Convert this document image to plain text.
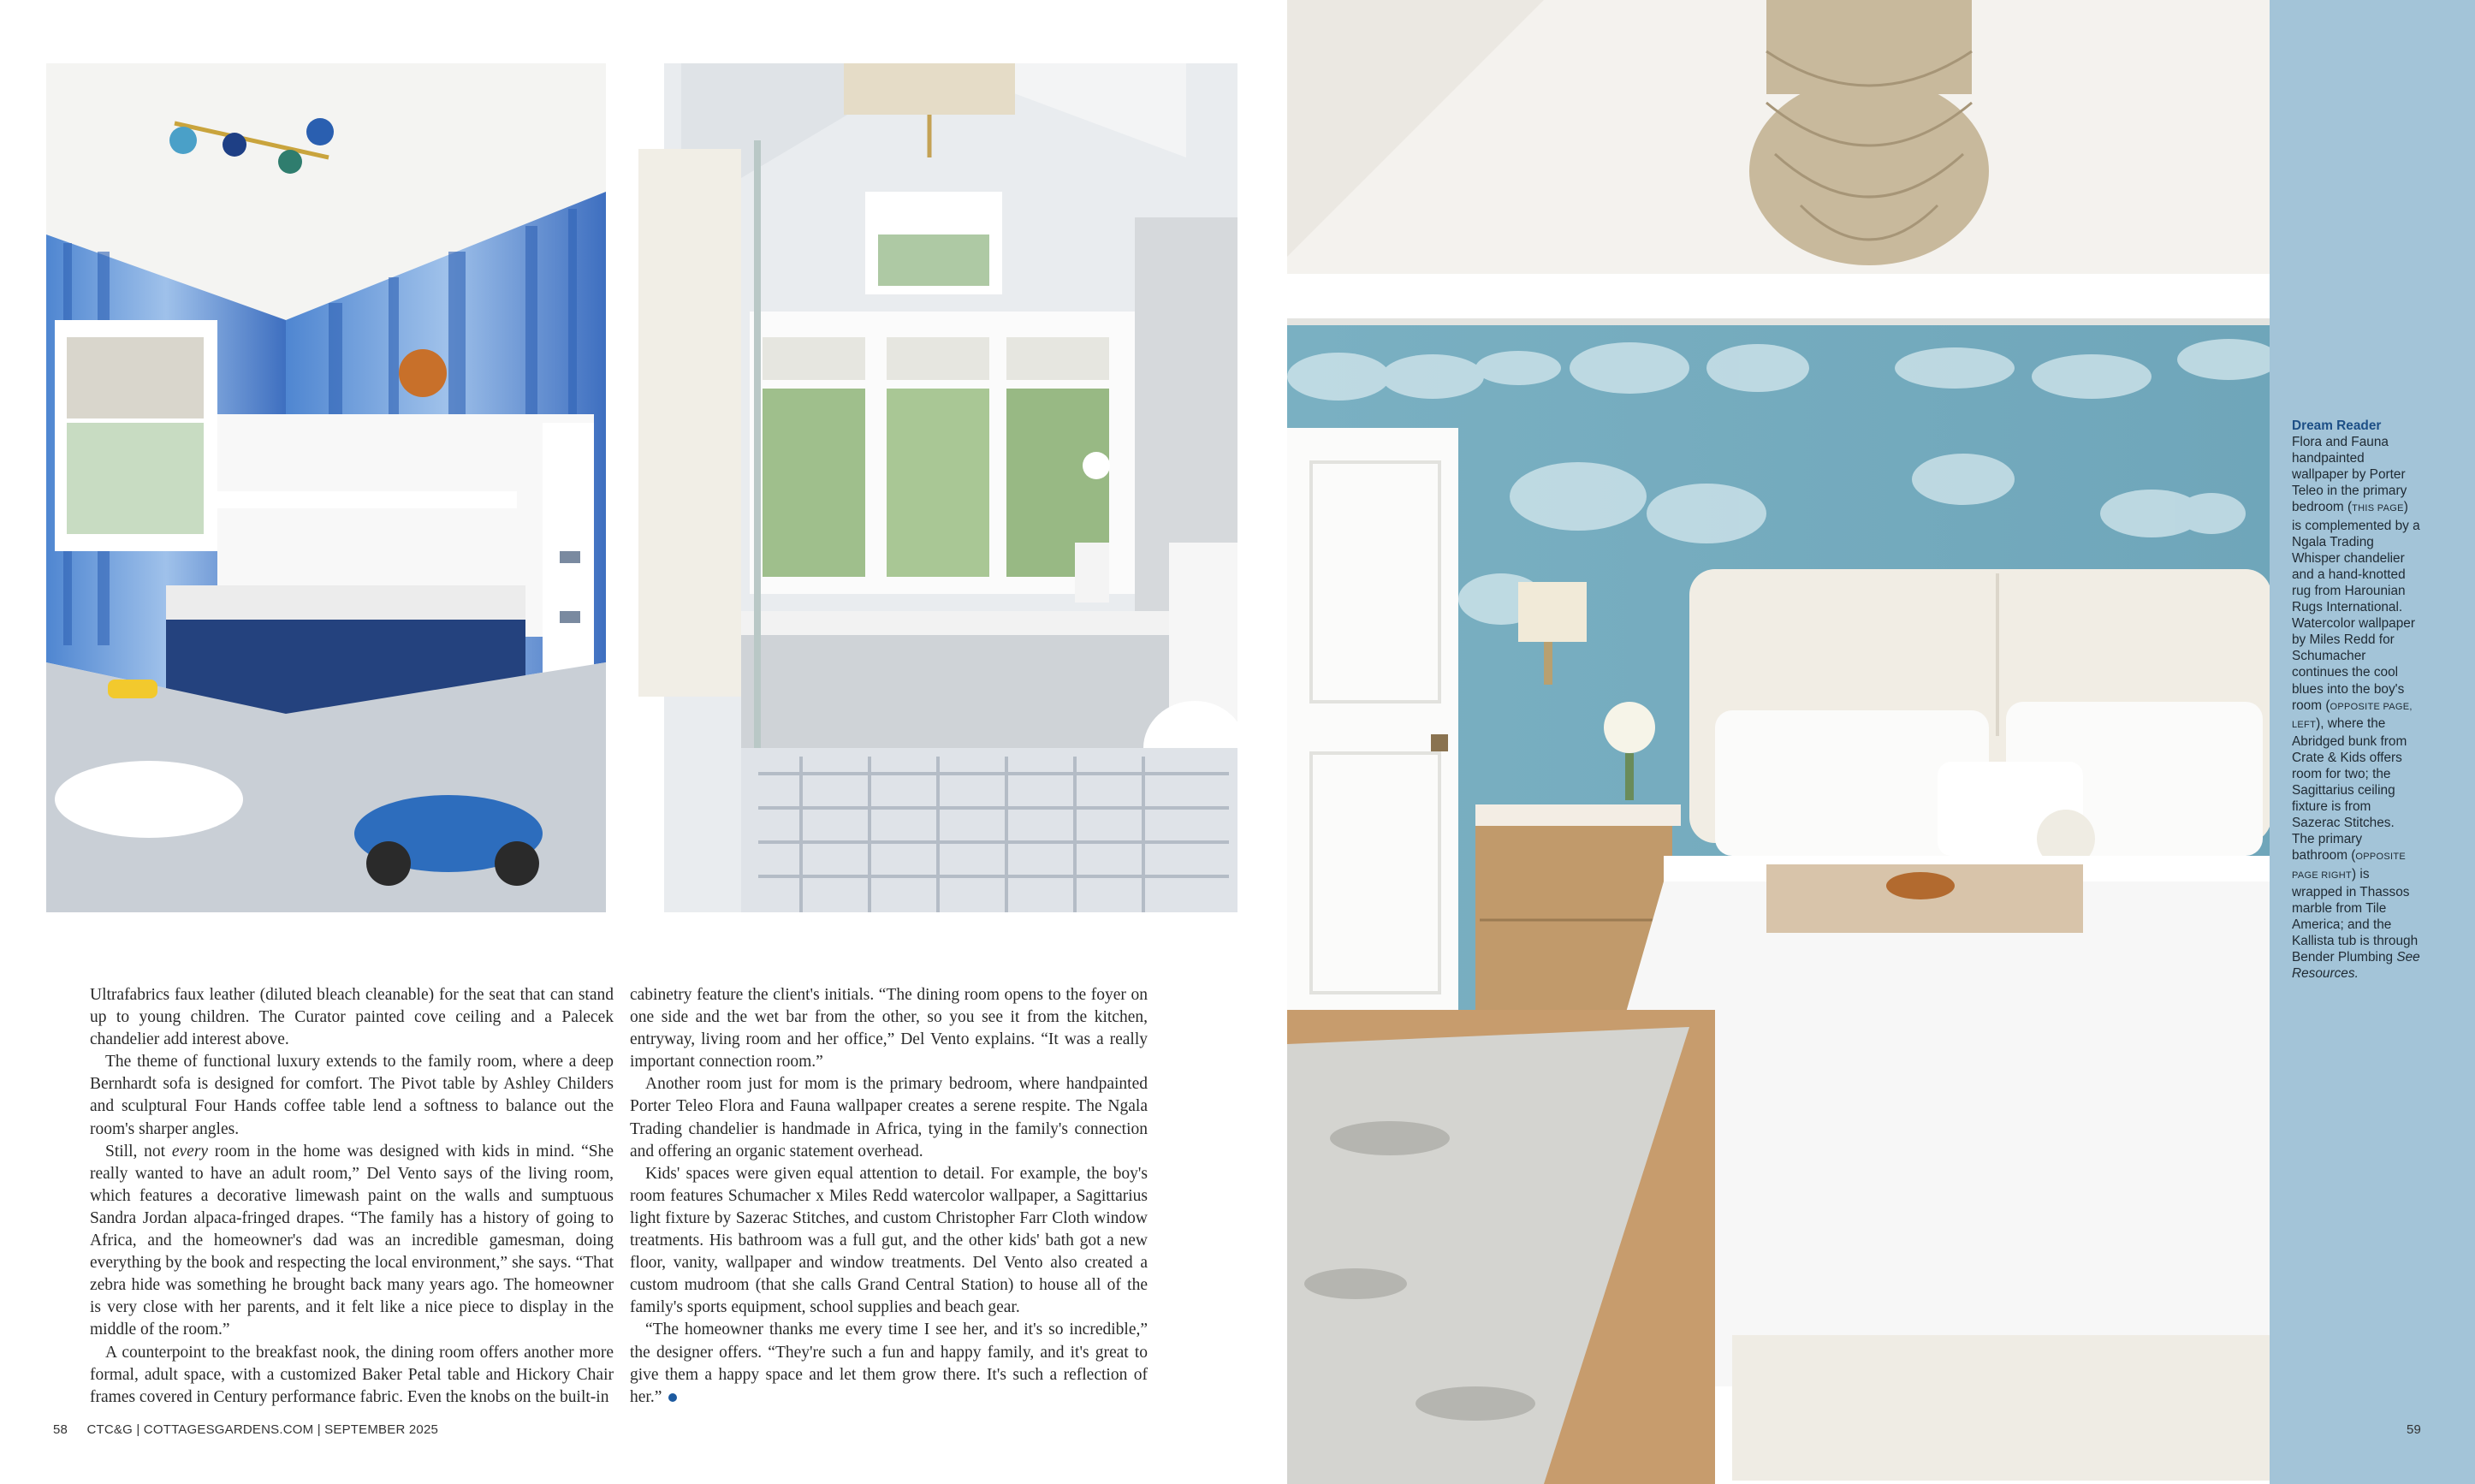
Ultrafabrics faux leather (diluted bleach cleanable) for the seat that can stand up to young children. The Curator painted cove ceiling and a Palecek chandelier add interest above.

The theme of functional luxury extends to the family room, where a deep Bernhardt sofa is designed for comfort. The Pivot table by Ashley Childers and sculptural Four Hands coffee table lend a softness to balance out the room's sharper angles.

Still, not every room in the home was designed with kids in mind. “She really wanted to have an adult room,” Del Vento says of the living room, which features a decorative limewash paint on the walls and sumptuous Sandra Jordan alpaca-fringed drapes. “The family has a history of going to Africa, and the homeowner's dad was an incredible gamesman, doing everything by the book and respecting the local environment,” she says. “That zebra hide was something he brought back many years ago. The homeowner is very close with her parents, and it felt like a nice piece to display in the middle of the room.”

A counterpoint to the breakfast nook, the dining room offers another more formal, adult space, with a customized Baker Petal table and Hickory Chair frames covered in Century performance fabric. Even the knobs on the built-in

cabinetry feature the client's initials. “The dining room opens to the foyer on one side and the wet bar from the other, so you see it from the kitchen, entryway, living room and her office,” Del Vento explains. “It was a really important connection room.”

Another room just for mom is the primary bedroom, where handpainted Porter Teleo Flora and Fauna wallpaper creates a serene respite. The Ngala Trading chandelier is handmade in Africa, tying in the family's connection and offering an organic statement overhead.

Kids' spaces were given equal attention to detail. For example, the boy's room features Schumacher x Miles Redd watercolor wallpaper, a Sagittarius light fixture by Sazerac Stitches, and custom Christopher Farr Cloth window treatments. His bathroom was a full gut, and the other kids' bath got a new floor, vanity, wallpaper and window treatments. Del Vento also created a custom mudroom (that she calls Grand Central Station) to house all of the family's sports equipment, school supplies and beach gear.

“The homeowner thanks me every time I see her, and it's so incredible,” the designer offers. “They're such a fun and happy family, and it's great to give them a happy space and let them grow there. It's such a reflection of her.”

58 CTC&G | COTTAGESGARDENS.COM | SEPTEMBER 2025
Dream Reader
Flora and Fauna handpainted wallpaper by Porter Teleo in the primary bedroom (THIS PAGE) is complemented by a Ngala Trading Whisper chandelier and a hand-knotted rug from Harounian Rugs International. Watercolor wallpaper by Miles Redd for Schumacher continues the cool blues into the boy's room (OPPOSITE PAGE, LEFT), where the Abridged bunk from Crate & Kids offers room for two; the Sagittarius ceiling fixture is from Sazerac Stitches. The primary bathroom (OPPOSITE PAGE RIGHT) is wrapped in Thassos marble from Tile America; and the Kallista tub is through Bender Plumbing See Resources.
59
